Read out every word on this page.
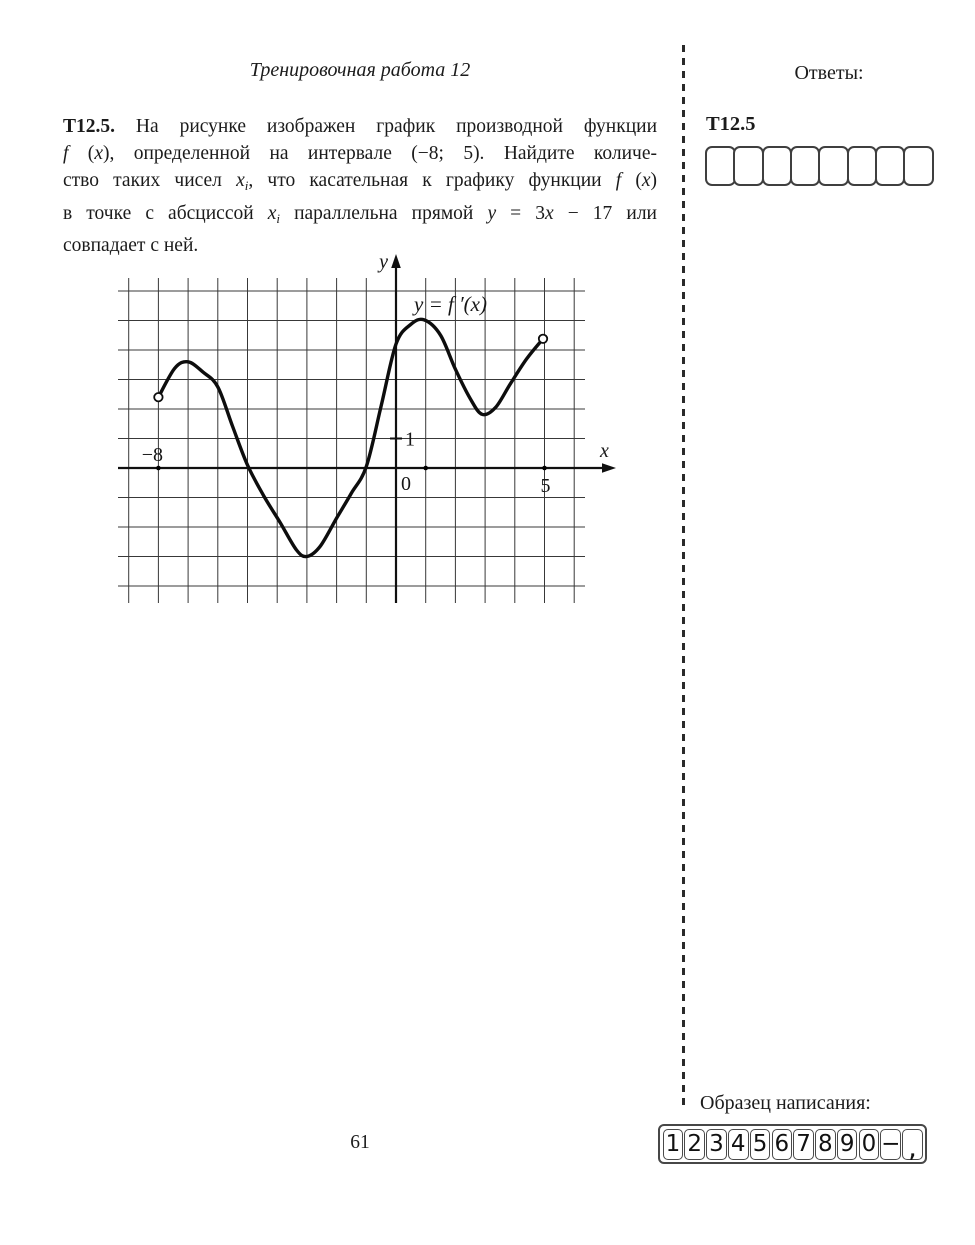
Тренировочная работа 12	Ответы:
Т12.5. На рисунке изображен график производной функции
f (x), определенной на интервале (−8; 5). Найдите количе-
ство таких чисел $x_i$, что касательная к графику функции f (x)
в точке с абсциссой $x_i$ параллельна прямой y = 3x − 17 или
совпадает с ней.
Т12.5
y
x
0
1
−8
5
y = f ′(x)
Образец написания:
1 2 3 4 5 6 7 8 9 0 − ,
61
